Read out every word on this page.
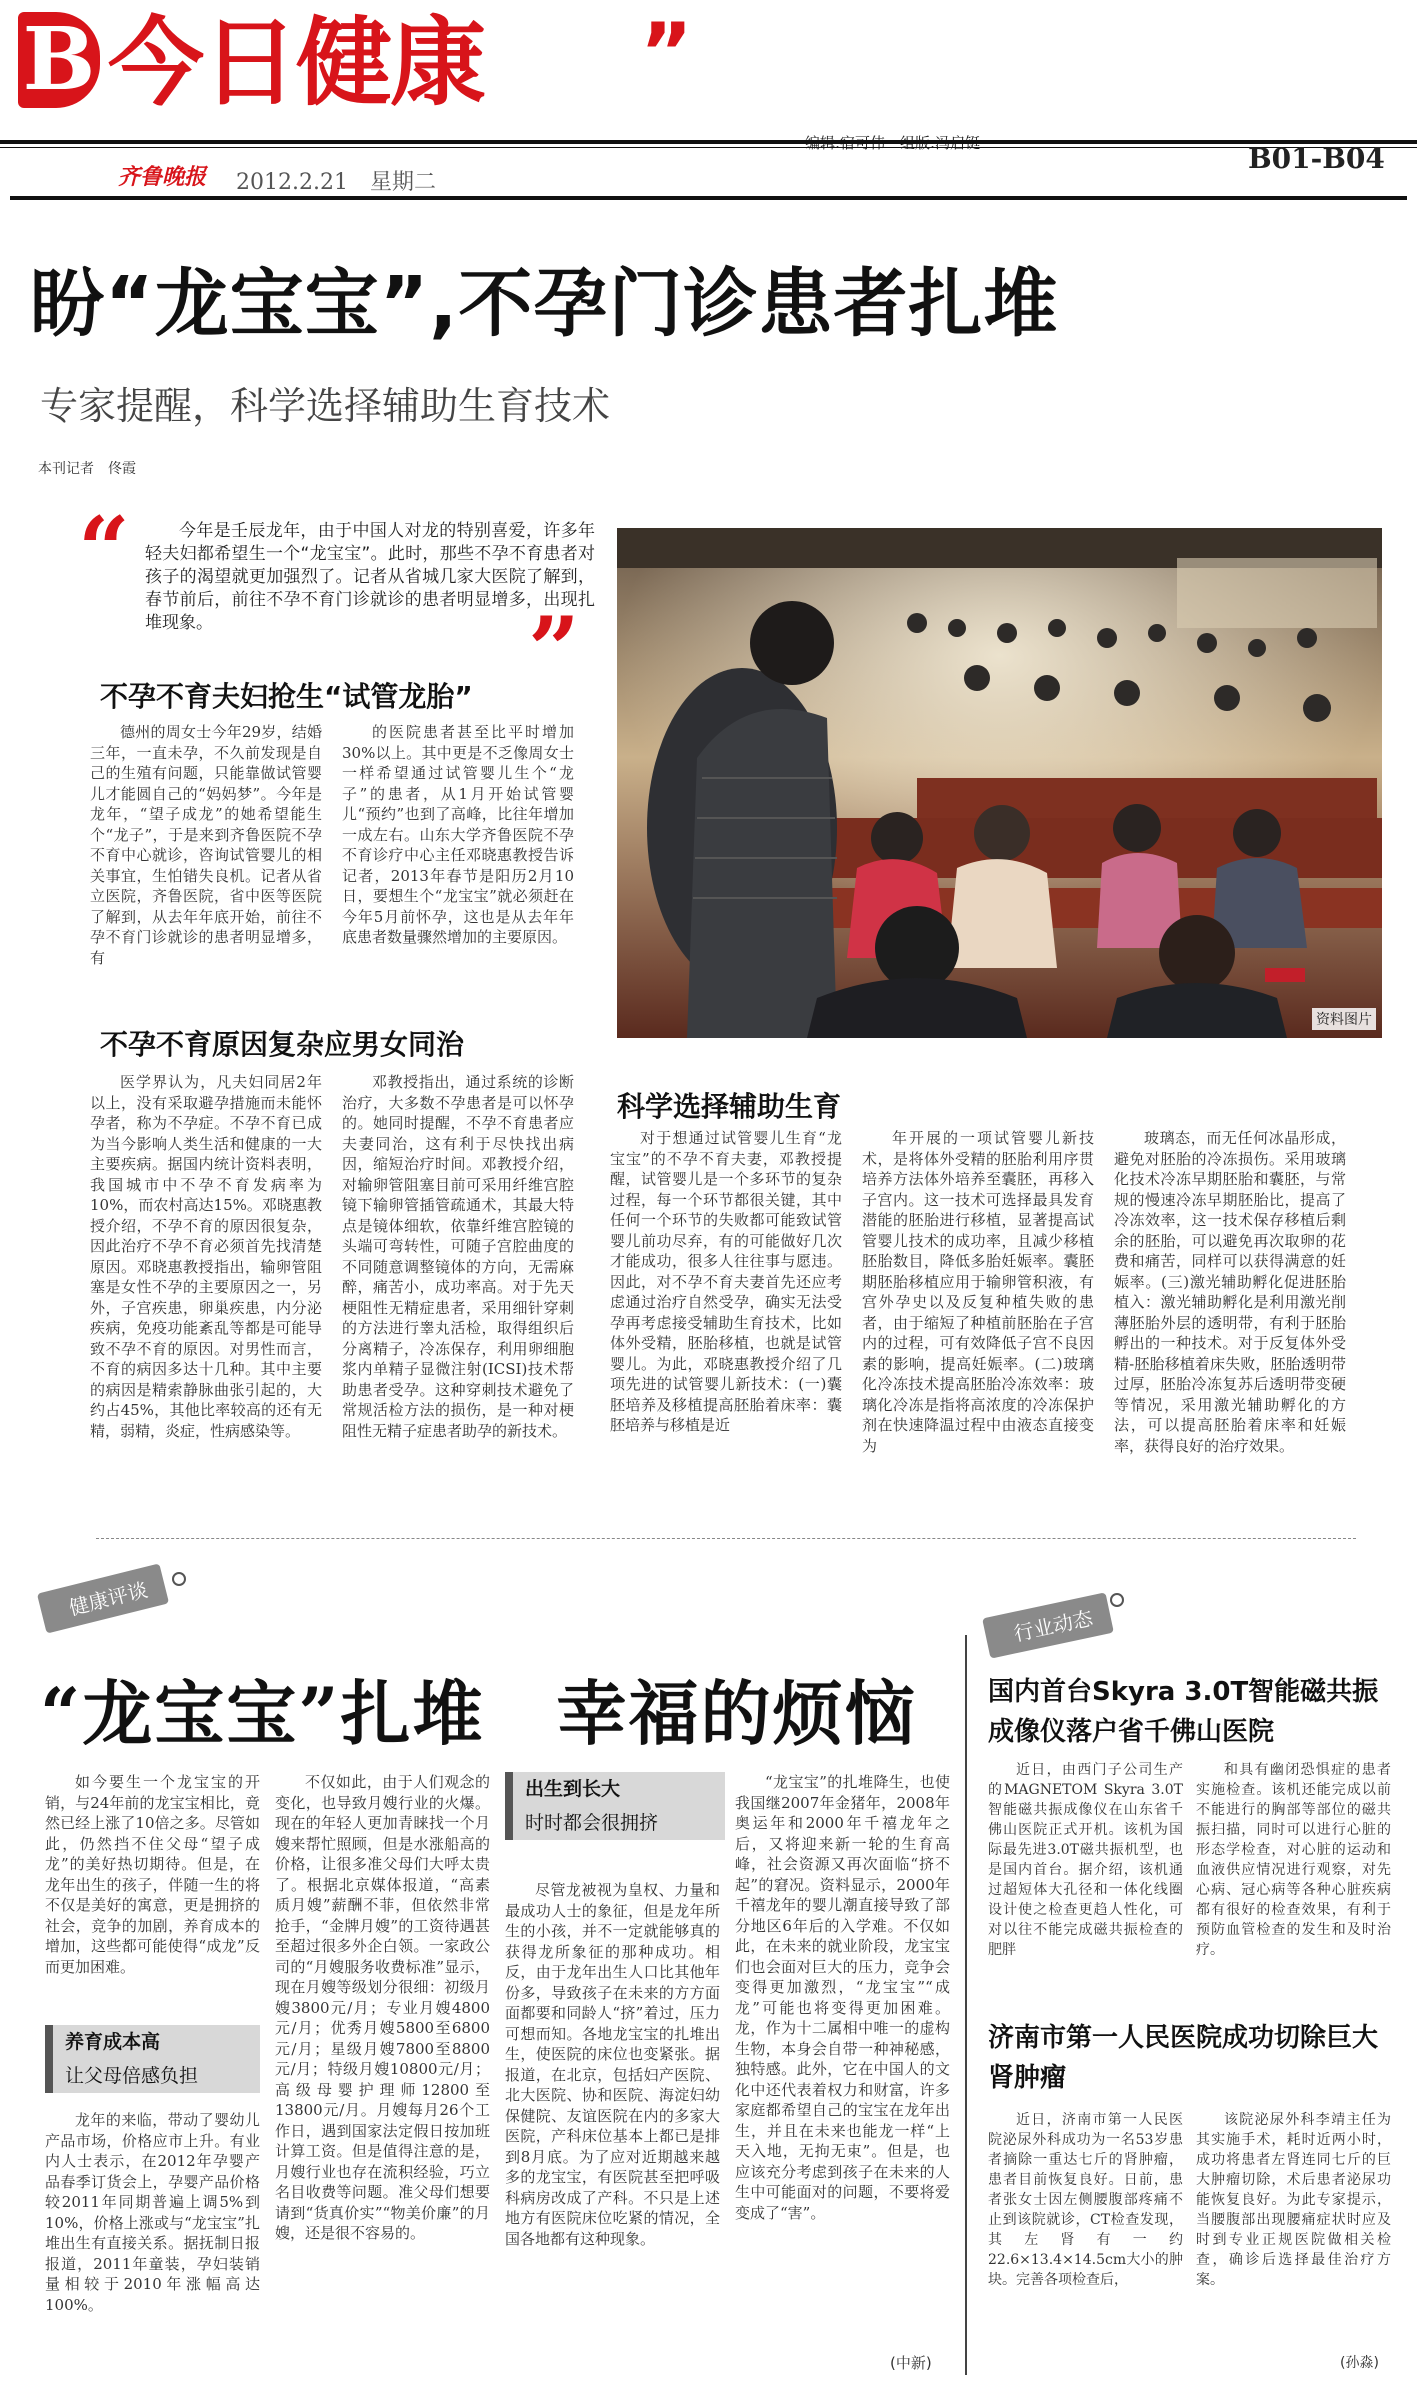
B 今日健康 ”
齐鲁晚报 2012.2.21　星期二
B01-B04
盼“龙宝宝”,不孕门诊患者扎堆
专家提醒，科学选择辅助生育技术
本刊记者　佟霞
“	今年是壬辰龙年，由于中国人对龙的特别喜爱，许多年轻夫妇都希望生一个“龙宝宝”。此时，那些不孕不育患者对孩子的渴望就更加强烈了。记者从省城几家大医院了解到，春节前后，前往不孕不育门诊就诊的患者明显增多，出现扎堆现象。	”
资料图片
不孕不育夫妇抢生“试管龙胎”

德州的周女士今年29岁，结婚三年，一直未孕，不久前发现是自己的生殖有问题，只能靠做试管婴儿才能圆自己的“妈妈梦”。今年是龙年，“望子成龙”的她希望能生个“龙子”，于是来到齐鲁医院不孕不育中心就诊，咨询试管婴儿的相关事宜，生怕错失良机。记者从省立医院，齐鲁医院，省中医等医院了解到，从去年年底开始，前往不孕不育门诊就诊的患者明显增多，有

的医院患者甚至比平时增加30%以上。其中更是不乏像周女士一样希望通过试管婴儿生个“龙子”的患者，从1月开始试管婴儿“预约”也到了高峰，比往年增加一成左右。山东大学齐鲁医院不孕不育诊疗中心主任邓晓惠教授告诉记者，2013年春节是阳历2月10日，要想生个“龙宝宝”就必须赶在今年5月前怀孕，这也是从去年年底患者数量骤然增加的主要原因。

不孕不育原因复杂应男女同治

医学界认为，凡夫妇同居2年以上，没有采取避孕措施而未能怀孕者，称为不孕症。不孕不育已成为当今影响人类生活和健康的一大主要疾病。据国内统计资料表明，我国城市中不孕不育发病率为10%，而农村高达15%。邓晓惠教授介绍，不孕不育的原因很复杂，因此治疗不孕不育必须首先找清楚原因。邓晓惠教授指出，输卵管阻塞是女性不孕的主要原因之一，另外，子宫疾患，卵巢疾患，内分泌疾病，免疫功能紊乱等都是可能导致不孕不育的原因。对男性而言，不育的病因多达十几种。其中主要的病因是精索静脉曲张引起的，大约占45%，其他比率较高的还有无精，弱精，炎症，性病感染等。

邓教授指出，通过系统的诊断治疗，大多数不孕患者是可以怀孕的。她同时提醒，不孕不育患者应夫妻同治，这有利于尽快找出病因，缩短治疗时间。邓教授介绍，对输卵管阻塞目前可采用纤维宫腔镜下输卵管插管疏通术，其最大特点是镜体细软，依靠纤维宫腔镜的头端可弯转性，可随子宫腔曲度的不同随意调整镜体的方向，无需麻醉，痛苦小，成功率高。对于先天梗阻性无精症患者，采用细针穿刺的方法进行睾丸活检，取得组织后分离精子，冷冻保存，利用卵细胞浆内单精子显微注射(ICSI)技术帮助患者受孕。这种穿刺技术避免了常规活检方法的损伤，是一种对梗阻性无精子症患者助孕的新技术。

科学选择辅助生育

对于想通过试管婴儿生育“龙宝宝”的不孕不育夫妻，邓教授提醒，试管婴儿是一个多环节的复杂过程，每一个环节都很关键，其中任何一个环节的失败都可能致试管婴儿前功尽弃，有的可能做好几次才能成功，很多人往往事与愿违。因此，对不孕不育夫妻首先还应考虑通过治疗自然受孕，确实无法受孕再考虑接受辅助生育技术，比如体外受精，胚胎移植，也就是试管婴儿。为此，邓晓惠教授介绍了几项先进的试管婴儿新技术：(一)囊胚培养及移植提高胚胎着床率：囊胚培养与移植是近

年开展的一项试管婴儿新技术，是将体外受精的胚胎利用序贯培养方法体外培养至囊胚，再移入子宫内。这一技术可选择最具发育潜能的胚胎进行移植，显著提高试管婴儿技术的成功率，且减少移植胚胎数目，降低多胎妊娠率。囊胚期胚胎移植应用于输卵管积液，有宫外孕史以及反复种植失败的患者，由于缩短了种植前胚胎在子宫内的过程，可有效降低子宫不良因素的影响，提高妊娠率。(二)玻璃化冷冻技术提高胚胎冷冻效率：玻璃化冷冻是指将高浓度的冷冻保护剂在快速降温过程中由液态直接变为

玻璃态，而无任何冰晶形成，避免对胚胎的冷冻损伤。采用玻璃化技术冷冻早期胚胎和囊胚，与常规的慢速冷冻早期胚胎比，提高了冷冻效率，这一技术保存移植后剩余的胚胎，可以避免再次取卵的花费和痛苦，同样可以获得满意的妊娠率。(三)激光辅助孵化促进胚胎植入：激光辅助孵化是利用激光削薄胚胎外层的透明带，有利于胚胎孵出的一种技术。对于反复体外受精-胚胎移植着床失败，胚胎透明带过厚，胚胎冷冻复苏后透明带变硬等情况，采用激光辅助孵化的方法，可以提高胚胎着床率和妊娠率，获得良好的治疗效果。

健康评谈
“龙宝宝”扎堆　幸福的烦恼

如今要生一个龙宝宝的开销，与24年前的龙宝宝相比，竟然已经上涨了10倍之多。尽管如此，仍然挡不住父母“望子成龙”的美好热切期待。但是，在龙年出生的孩子，伴随一生的将不仅是美好的寓意，更是拥挤的社会，竞争的加剧，养育成本的增加，这些都可能使得“成龙”反而更加困难。

养育成本高
让父母倍感负担

龙年的来临，带动了婴幼儿产品市场，价格应市上升。有业内人士表示，在2012年孕婴产品春季订货会上，孕婴产品价格较2011年同期普遍上调5%到10%，价格上涨或与“龙宝宝”扎堆出生有直接关系。据抚制日报报道，2011年童装，孕妇装销量相较于2010年涨幅高达100%。

不仅如此，由于人们观念的变化，也导致月嫂行业的火爆。现在的年轻人更加青睐找一个月嫂来帮忙照顾，但是水涨船高的价格，让很多准父母们大呼太贵了。根据北京媒体报道，“高素质月嫂”薪酬不菲，但依然非常抢手，“金牌月嫂”的工资待遇甚至超过很多外企白领。一家政公司的“月嫂服务收费标准”显示，现在月嫂等级划分很细：初级月嫂3800元/月；专业月嫂4800元/月；优秀月嫂5800至6800元/月；星级月嫂7800至8800元/月；特级月嫂10800元/月；高级母婴护理师12800至13800元/月。月嫂每月26个工作日，遇到国家法定假日按加班计算工资。但是值得注意的是，月嫂行业也存在流积经验，巧立名目收费等问题。准父母们想要请到“货真价实”“物美价廉”的月嫂，还是很不容易的。

出生到长大
时时都会很拥挤

尽管龙被视为皇权、力量和最成功人士的象征，但是龙年所生的小孩，并不一定就能够真的获得龙所象征的那种成功。相反，由于龙年出生人口比其他年份多，导致孩子在未来的方方面面都要和同龄人“挤”着过，压力可想而知。各地龙宝宝的扎堆出生，使医院的床位也变紧张。据报道，在北京，包括妇产医院、北大医院、协和医院、海淀妇幼保健院、友谊医院在内的多家大医院，产科床位基本上都已是排到8月底。为了应对近期越来越多的龙宝宝，有医院甚至把呼吸科病房改成了产科。不只是上述地方有医院床位吃紧的情况，全国各地都有这种现象。

“龙宝宝”的扎堆降生，也使我国继2007年金猪年，2008年奥运年和2000年千禧龙年之后，又将迎来新一轮的生育高峰，社会资源又再次面临“挤不起”的窘况。资料显示，2000年千禧龙年的婴儿潮直接导致了部分地区6年后的入学难。不仅如此，在未来的就业阶段，龙宝宝们也会面对巨大的压力，竞争会变得更加激烈，“龙宝宝”“成龙”可能也将变得更加困难。龙，作为十二属相中唯一的虚构生物，本身会自带一种神秘感，独特感。此外，它在中国人的文化中还代表着权力和财富，许多家庭都希望自己的宝宝在龙年出生，并且在未来也能龙一样“上天入地，无拘无束”。但是，也应该充分考虑到孩子在未来的人生中可能面对的问题，不要将爱变成了“害”。

(中新)
行业动态
国内首台Skyra 3.0T智能磁共振成像仪落户省千佛山医院

近日，由西门子公司生产的MAGNETOM Skyra 3.0T智能磁共振成像仪在山东省千佛山医院正式开机。该机为国际最先进3.0T磁共振机型，也是国内首台。据介绍，该机通过超短体大孔径和一体化线圈设计使之检查更趋人性化，可对以往不能完成磁共振检查的肥胖

和具有幽闭恐惧症的患者实施检查。该机还能完成以前不能进行的胸部等部位的磁共振扫描，同时可以进行心脏的形态学检查，对心脏的运动和血液供应情况进行观察，对先心病、冠心病等各种心脏疾病都有很好的检查效果，有利于预防血管检查的发生和及时治疗。

济南市第一人民医院成功切除巨大肾肿瘤

近日，济南市第一人民医院泌尿外科成功为一名53岁患者摘除一重达七斤的肾肿瘤，患者目前恢复良好。日前，患者张女士因左侧腰腹部疼痛不止到该院就诊，CT检查发现，其左肾有一约22.6×13.4×14.5cm大小的肿块。完善各项检查后，

该院泌尿外科李靖主任为其实施手术，耗时近两小时，成功将患者左肾连同七斤的巨大肿瘤切除，术后患者泌尿功能恢复良好。为此专家提示，当腰腹部出现腰痛症状时应及时到专业正规医院做相关检查，确诊后选择最佳治疗方案。

(孙淼)
